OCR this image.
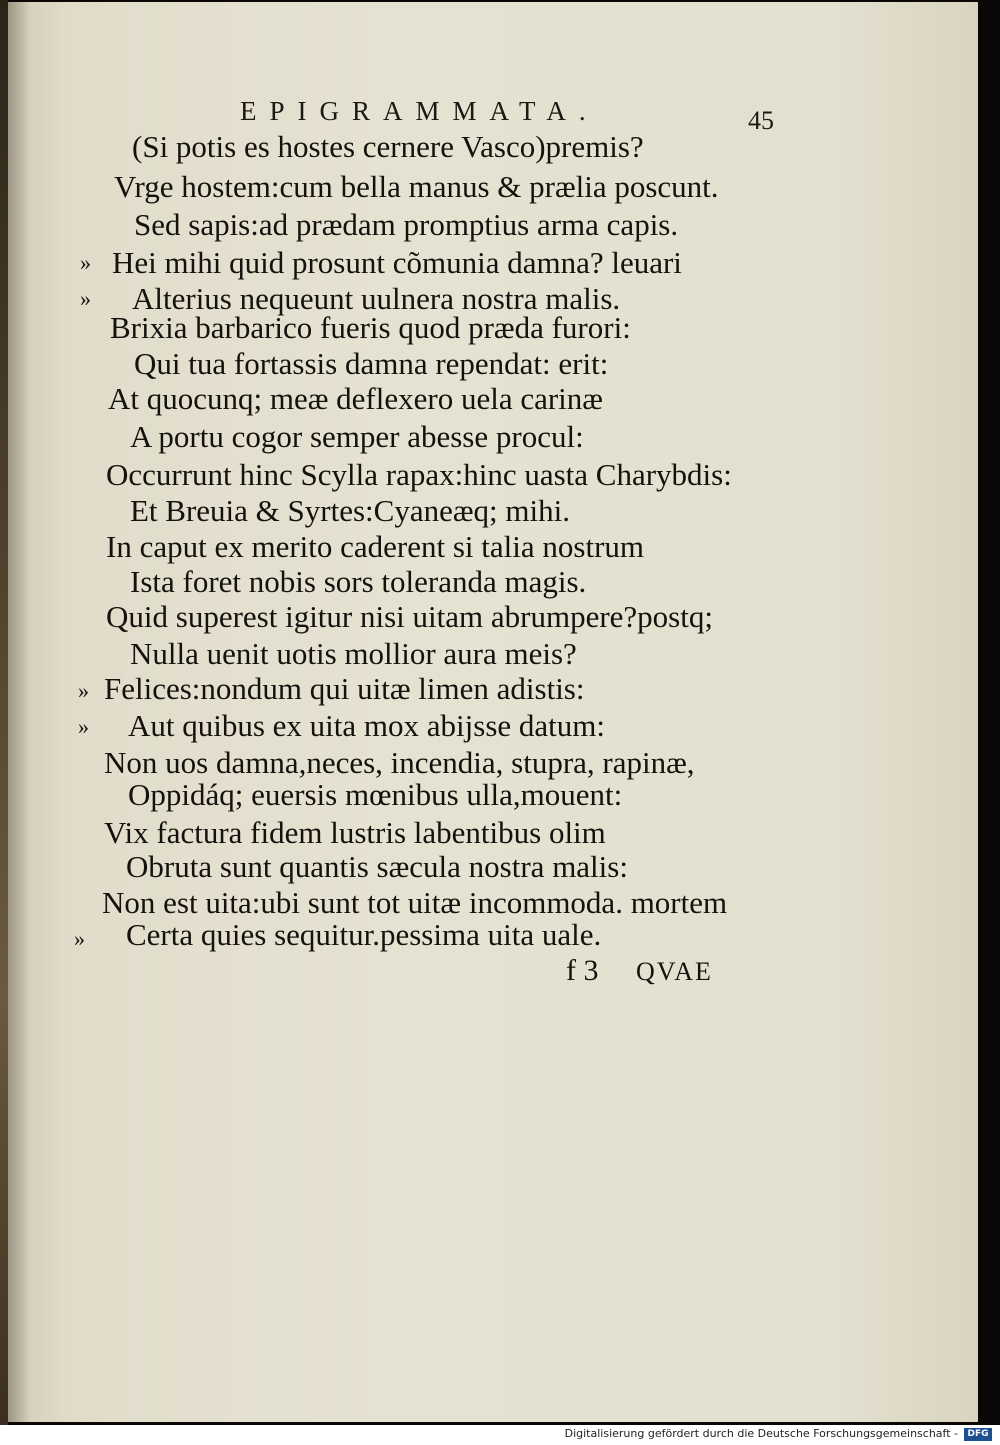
EPIGRAMMATA.	45
(Si potis es hostes cernere Vasco)premis?
Vrge hostem:cum bella manus & prælia poscunt.
Sed sapis:ad prædam promptius arma capis.
Hei mihi quid prosunt cõmunia damna? leuari
Alterius nequeunt uulnera nostra malis.
Brixia barbarico fueris quod præda furori:
Qui tua fortassis damna rependat: erit:
At quocunq; meæ deflexero uela carinæ
A portu cogor semper abesse procul:
Occurrunt hinc Scylla rapax:hinc uasta Charybdis:
Et Breuia & Syrtes:Cyaneæq; mihi.
In caput ex merito caderent si talia nostrum
Ista foret nobis sors toleranda magis.
Quid superest igitur nisi uitam abrumpere?postq;
Nulla uenit uotis mollior aura meis?
Felices:nondum qui uitæ limen adistis:
Aut quibus ex uita mox abijsse datum:
Non uos damna,neces, incendia, stupra, rapinæ,
Oppidáq; euersis mœnibus ulla,mouent:
Vix factura fidem lustris labentibus olim
Obruta sunt quantis sæcula nostra malis:
Non est uita:ubi sunt tot uitæ incommoda. mortem
Certa quies sequitur.pessima uita uale.
»
»
»
»
»
f 3 QVAE
Digitalisierung gefördert durch die Deutsche Forschungsgemeinschaft -	DFG
